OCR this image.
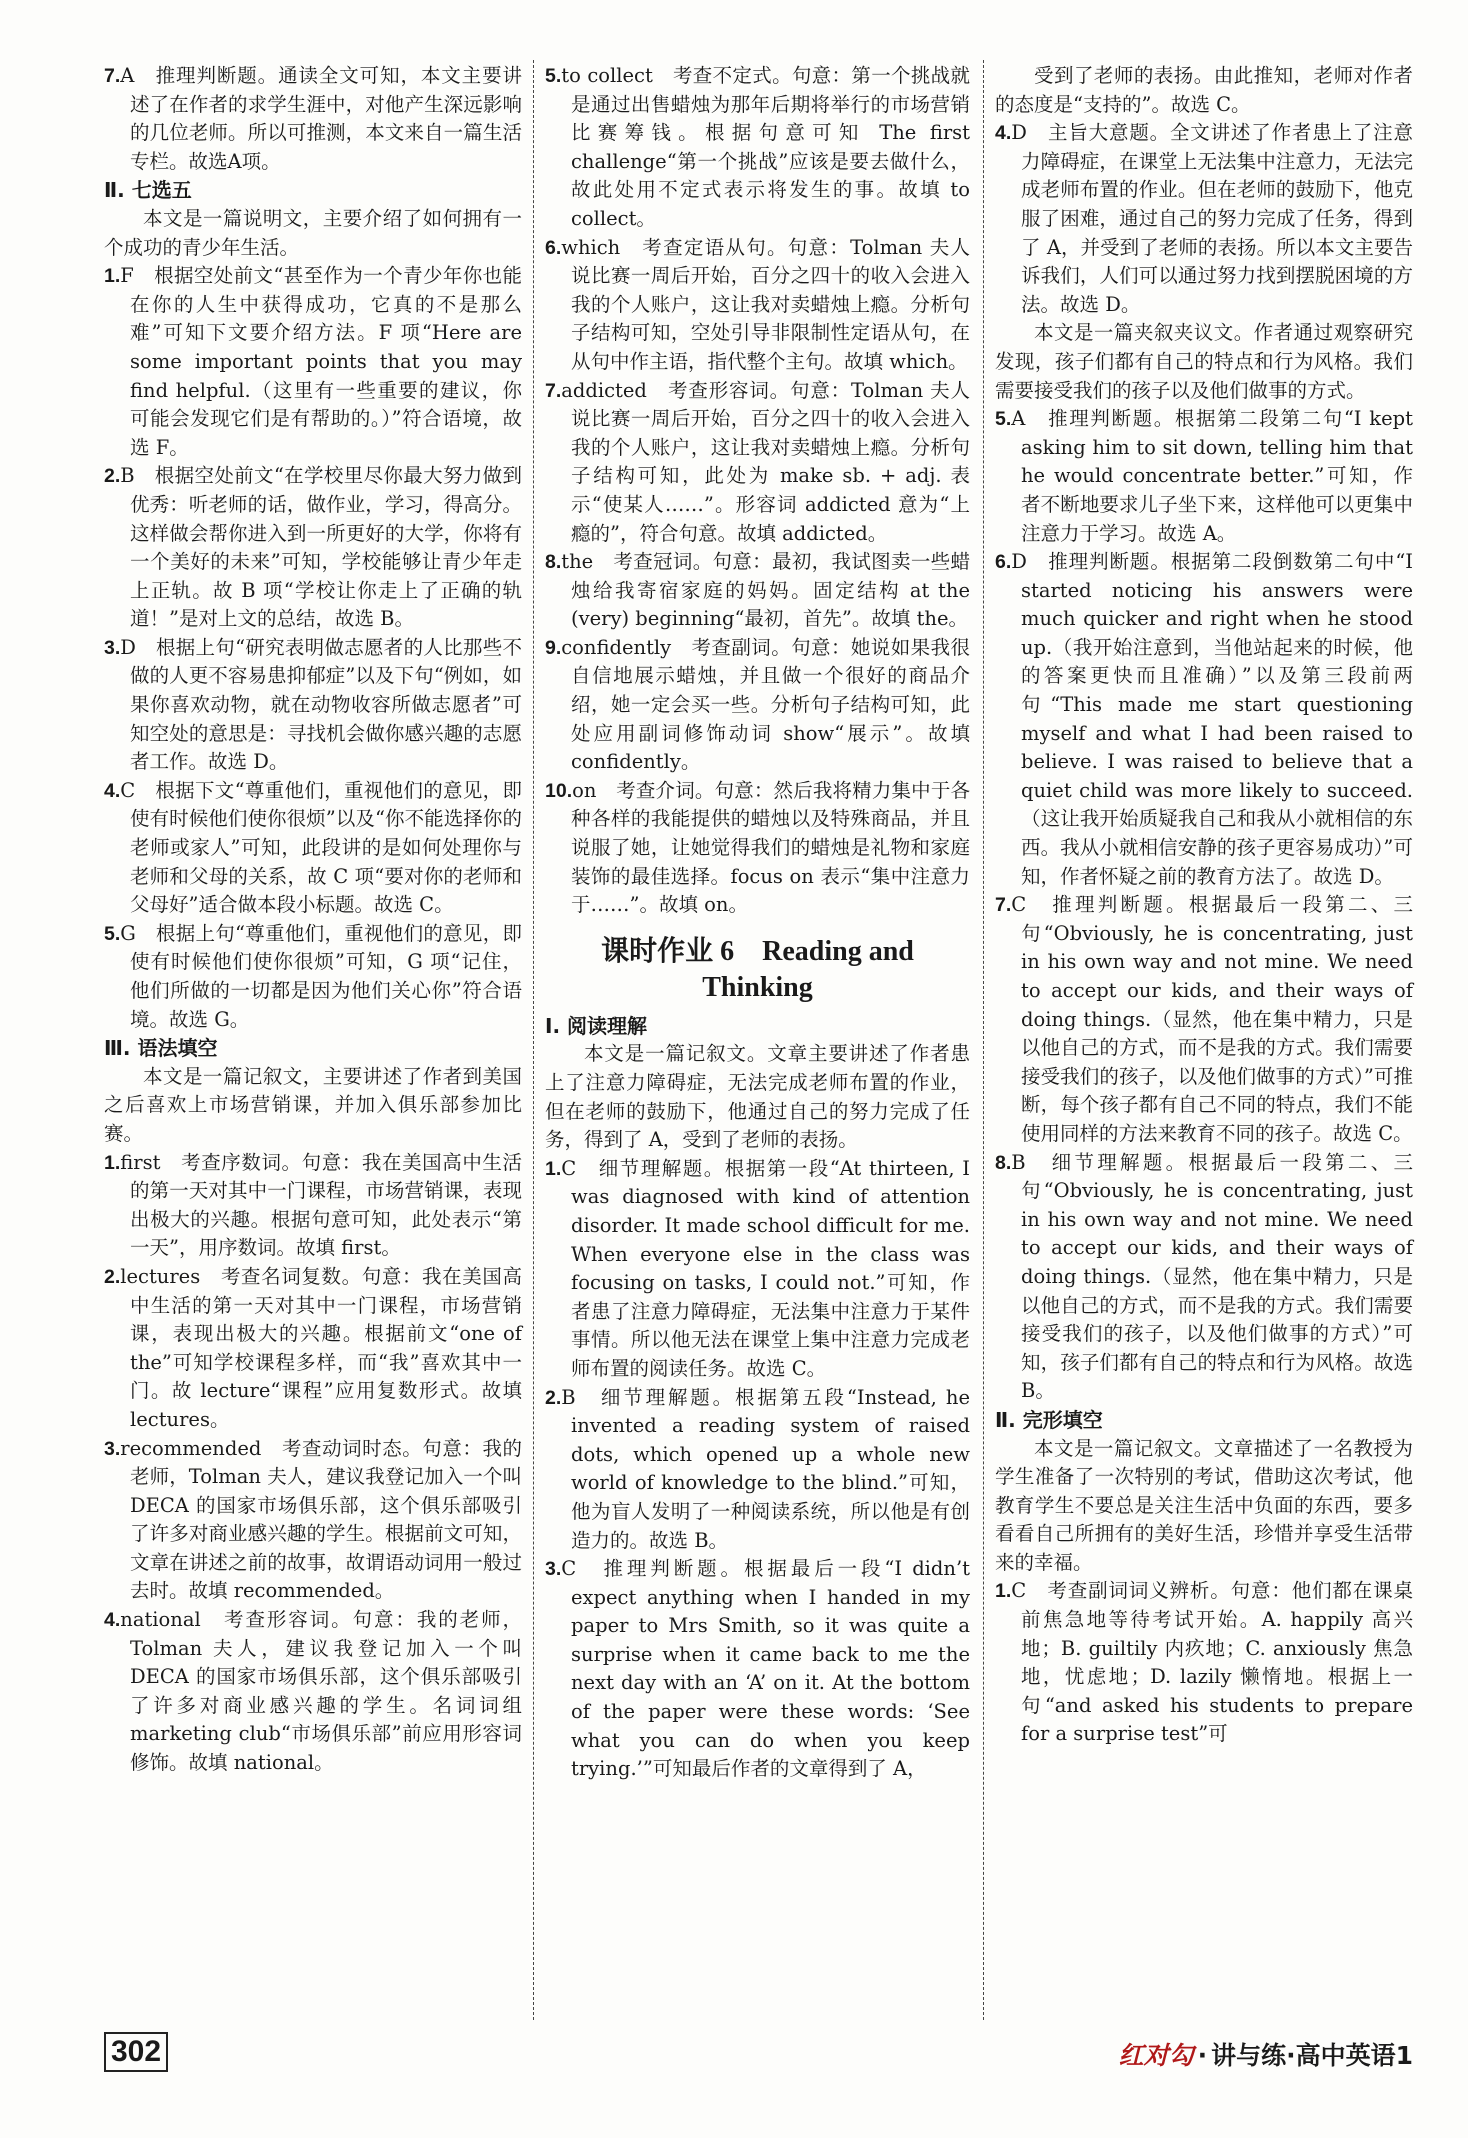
7.A　推理判断题。通读全文可知，本文主要讲述了在作者的求学生涯中，对他产生深远影响的几位老师。所以可推测，本文来自一篇生活专栏。故选A项。

Ⅱ. 七选五

本文是一篇说明文，主要介绍了如何拥有一个成功的青少年生活。

1.F　根据空处前文“甚至作为一个青少年你也能在你的人生中获得成功，它真的不是那么难”可知下文要介绍方法。F 项“Here are some important points that you may find helpful.（这里有一些重要的建议，你可能会发现它们是有帮助的。）”符合语境，故选 F。

2.B　根据空处前文“在学校里尽你最大努力做到优秀：听老师的话，做作业，学习，得高分。这样做会帮你进入到一所更好的大学，你将有一个美好的未来”可知，学校能够让青少年走上正轨。故 B 项“学校让你走上了正确的轨道！”是对上文的总结，故选 B。

3.D　根据上句“研究表明做志愿者的人比那些不做的人更不容易患抑郁症”以及下句“例如，如果你喜欢动物，就在动物收容所做志愿者”可知空处的意思是：寻找机会做你感兴趣的志愿者工作。故选 D。

4.C　根据下文“尊重他们，重视他们的意见，即使有时候他们使你很烦”以及“你不能选择你的老师或家人”可知，此段讲的是如何处理你与老师和父母的关系，故 C 项“要对你的老师和父母好”适合做本段小标题。故选 C。

5.G　根据上句“尊重他们，重视他们的意见，即使有时候他们使你很烦”可知，G 项“记住，他们所做的一切都是因为他们关心你”符合语境。故选 G。

Ⅲ. 语法填空

本文是一篇记叙文，主要讲述了作者到美国之后喜欢上市场营销课，并加入俱乐部参加比赛。

1.first　考查序数词。句意：我在美国高中生活的第一天对其中一门课程，市场营销课，表现出极大的兴趣。根据句意可知，此处表示“第一天”，用序数词。故填 first。

2.lectures　考查名词复数。句意：我在美国高中生活的第一天对其中一门课程，市场营销课，表现出极大的兴趣。根据前文“one of the”可知学校课程多样，而“我”喜欢其中一门。故 lecture“课程”应用复数形式。故填 lectures。

3.recommended　考查动词时态。句意：我的老师，Tolman 夫人，建议我登记加入一个叫 DECA 的国家市场俱乐部，这个俱乐部吸引了许多对商业感兴趣的学生。根据前文可知，文章在讲述之前的故事，故谓语动词用一般过去时。故填 recommended。

4.national　考查形容词。句意：我的老师，Tolman 夫人，建议我登记加入一个叫 DECA 的国家市场俱乐部，这个俱乐部吸引了许多对商业感兴趣的学生。名词词组 marketing club“市场俱乐部”前应用形容词修饰。故填 national。

5.to collect　考查不定式。句意：第一个挑战就是通过出售蜡烛为那年后期将举行的市场营销比赛筹钱。根据句意可知 The first challenge“第一个挑战”应该是要去做什么，故此处用不定式表示将发生的事。故填 to collect。

6.which　考查定语从句。句意：Tolman 夫人说比赛一周后开始，百分之四十的收入会进入我的个人账户，这让我对卖蜡烛上瘾。分析句子结构可知，空处引导非限制性定语从句，在从句中作主语，指代整个主句。故填 which。

7.addicted　考查形容词。句意：Tolman 夫人说比赛一周后开始，百分之四十的收入会进入我的个人账户，这让我对卖蜡烛上瘾。分析句子结构可知，此处为 make sb. + adj. 表示“使某人……”。形容词 addicted 意为“上瘾的”，符合句意。故填 addicted。

8.the　考查冠词。句意：最初，我试图卖一些蜡烛给我寄宿家庭的妈妈。固定结构 at the (very) beginning“最初，首先”。故填 the。

9.confidently　考查副词。句意：她说如果我很自信地展示蜡烛，并且做一个很好的商品介绍，她一定会买一些。分析句子结构可知，此处应用副词修饰动词 show“展示”。故填 confidently。

10.on　考查介词。句意：然后我将精力集中于各种各样的我能提供的蜡烛以及特殊商品，并且说服了她，让她觉得我们的蜡烛是礼物和家庭装饰的最佳选择。focus on 表示“集中注意力于……”。故填 on。

课时作业 6　Reading and Thinking

Ⅰ. 阅读理解

本文是一篇记叙文。文章主要讲述了作者患上了注意力障碍症，无法完成老师布置的作业，但在老师的鼓励下，他通过自己的努力完成了任务，得到了 A，受到了老师的表扬。

1.C　细节理解题。根据第一段“At thirteen, I was diagnosed with kind of attention disorder. It made school difficult for me. When everyone else in the class was focusing on tasks, I could not.”可知，作者患了注意力障碍症，无法集中注意力于某件事情。所以他无法在课堂上集中注意力完成老师布置的阅读任务。故选 C。

2.B　细节理解题。根据第五段“Instead, he invented a reading system of raised dots, which opened up a whole new world of knowledge to the blind.”可知，他为盲人发明了一种阅读系统，所以他是有创造力的。故选 B。

3.C　推理判断题。根据最后一段“I didn’t expect anything when I handed in my paper to Mrs Smith, so it was quite a surprise when it came back to me the next day with an ‘A’ on it. At the bottom of the paper were these words: ‘See what you can do when you keep trying.’”可知最后作者的文章得到了 A，

受到了老师的表扬。由此推知，老师对作者的态度是“支持的”。故选 C。

4.D　主旨大意题。全文讲述了作者患上了注意力障碍症，在课堂上无法集中注意力，无法完成老师布置的作业。但在老师的鼓励下，他克服了困难，通过自己的努力完成了任务，得到了 A，并受到了老师的表扬。所以本文主要告诉我们，人们可以通过努力找到摆脱困境的方法。故选 D。

本文是一篇夹叙夹议文。作者通过观察研究发现，孩子们都有自己的特点和行为风格。我们需要接受我们的孩子以及他们做事的方式。

5.A　推理判断题。根据第二段第二句“I kept asking him to sit down, telling him that he would concentrate better.”可知，作者不断地要求儿子坐下来，这样他可以更集中注意力于学习。故选 A。

6.D　推理判断题。根据第二段倒数第二句中“I started noticing his answers were much quicker and right when he stood up.（我开始注意到，当他站起来的时候，他的答案更快而且准确）”以及第三段前两句“This made me start questioning myself and what I had been raised to believe. I was raised to believe that a quiet child was more likely to succeed.（这让我开始质疑我自己和我从小就相信的东西。我从小就相信安静的孩子更容易成功）”可知，作者怀疑之前的教育方法了。故选 D。

7.C　推理判断题。根据最后一段第二、三句“Obviously, he is concentrating, just in his own way and not mine. We need to accept our kids, and their ways of doing things.（显然，他在集中精力，只是以他自己的方式，而不是我的方式。我们需要接受我们的孩子，以及他们做事的方式）”可推断，每个孩子都有自己不同的特点，我们不能使用同样的方法来教育不同的孩子。故选 C。

8.B　细节理解题。根据最后一段第二、三句“Obviously, he is concentrating, just in his own way and not mine. We need to accept our kids, and their ways of doing things.（显然，他在集中精力，只是以他自己的方式，而不是我的方式。我们需要接受我们的孩子，以及他们做事的方式）”可知，孩子们都有自己的特点和行为风格。故选 B。

Ⅱ. 完形填空

本文是一篇记叙文。文章描述了一名教授为学生准备了一次特别的考试，借助这次考试，他教育学生不要总是关注生活中负面的东西，要多看看自己所拥有的美好生活，珍惜并享受生活带来的幸福。

1.C　考查副词词义辨析。句意：他们都在课桌前焦急地等待考试开始。A. happily 高兴地；B. guiltily 内疚地；C. anxiously 焦急地，忧虑地；D. lazily 懒惰地。根据上一句“and asked his students to prepare for a surprise test”可

302	红对勾 · 讲与练·高中英语1
